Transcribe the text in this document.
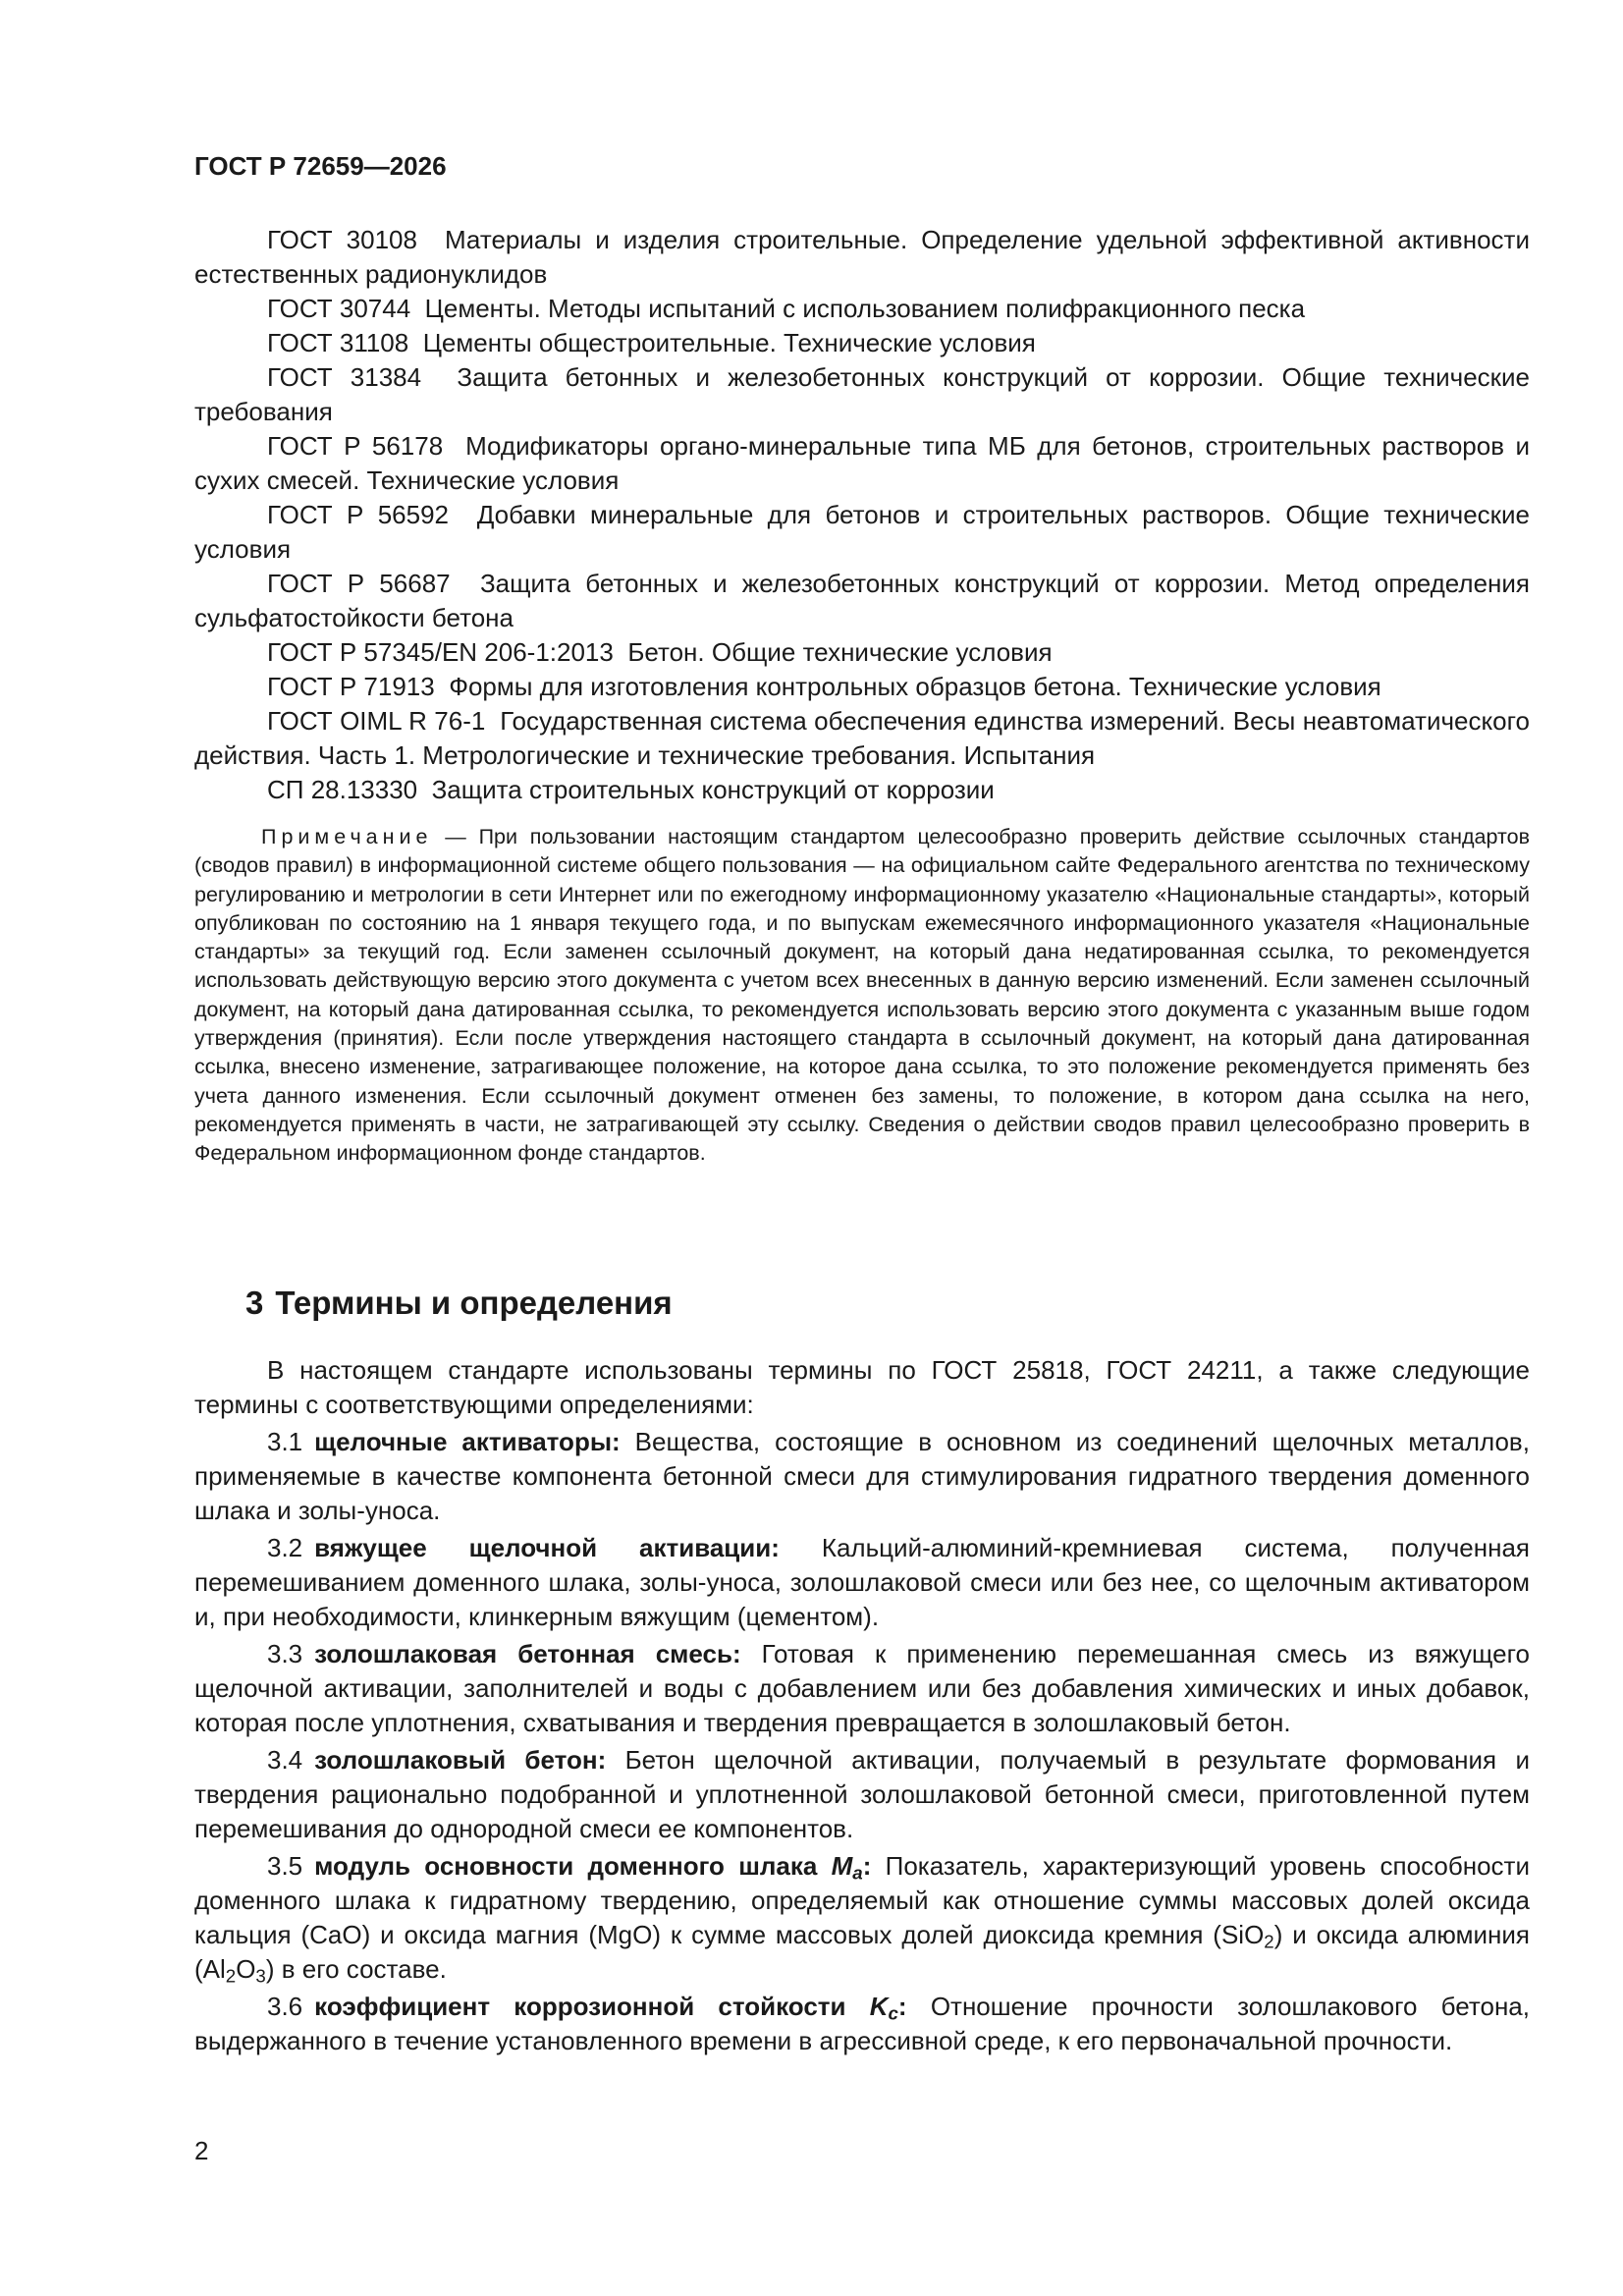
ГОСТ Р 72659—2026

ГОСТ 30108 Материалы и изделия строительные. Определение удельной эффективной активности естественных радионуклидов

ГОСТ 30744 Цементы. Методы испытаний с использованием полифракционного песка

ГОСТ 31108 Цементы общестроительные. Технические условия

ГОСТ 31384 Защита бетонных и железобетонных конструкций от коррозии. Общие технические требования

ГОСТ Р 56178 Модификаторы органо-минеральные типа МБ для бетонов, строительных растворов и сухих смесей. Технические условия

ГОСТ Р 56592 Добавки минеральные для бетонов и строительных растворов. Общие технические условия

ГОСТ Р 56687 Защита бетонных и железобетонных конструкций от коррозии. Метод определения сульфатостойкости бетона

ГОСТ Р 57345/EN 206-1:2013 Бетон. Общие технические условия

ГОСТ Р 71913 Формы для изготовления контрольных образцов бетона. Технические условия

ГОСТ OIML R 76-1 Государственная система обеспечения единства измерений. Весы неавтоматического действия. Часть 1. Метрологические и технические требования. Испытания

СП 28.13330 Защита строительных конструкций от коррозии

Примечание — При пользовании настоящим стандартом целесообразно проверить действие ссылочных стандартов (сводов правил) в информационной системе общего пользования — на официальном сайте Федерального агентства по техническому регулированию и метрологии в сети Интернет или по ежегодному информационному указателю «Национальные стандарты», который опубликован по состоянию на 1 января текущего года, и по выпускам ежемесячного информационного указателя «Национальные стандарты» за текущий год. Если заменен ссылочный документ, на который дана недатированная ссылка, то рекомендуется использовать действующую версию этого документа с учетом всех внесенных в данную версию изменений. Если заменен ссылочный документ, на который дана датированная ссылка, то рекомендуется использовать версию этого документа с указанным выше годом утверждения (принятия). Если после утверждения настоящего стандарта в ссылочный документ, на который дана датированная ссылка, внесено изменение, затрагивающее положение, на которое дана ссылка, то это положение рекомендуется применять без учета данного изменения. Если ссылочный документ отменен без замены, то положение, в котором дана ссылка на него, рекомендуется применять в части, не затрагивающей эту ссылку. Сведения о действии сводов правил целесообразно проверить в Федеральном информационном фонде стандартов.

3 Термины и определения

В настоящем стандарте использованы термины по ГОСТ 25818, ГОСТ 24211, а также следующие термины с соответствующими определениями:

3.1 щелочные активаторы: Вещества, состоящие в основном из соединений щелочных металлов, применяемые в качестве компонента бетонной смеси для стимулирования гидратного твердения доменного шлака и золы-уноса.

3.2 вяжущее щелочной активации: Кальций-алюминий-кремниевая система, полученная перемешиванием доменного шлака, золы-уноса, золошлаковой смеси или без нее, со щелочным активатором и, при необходимости, клинкерным вяжущим (цементом).

3.3 золошлаковая бетонная смесь: Готовая к применению перемешанная смесь из вяжущего щелочной активации, заполнителей и воды с добавлением или без добавления химических и иных добавок, которая после уплотнения, схватывания и твердения превращается в золошлаковый бетон.

3.4 золошлаковый бетон: Бетон щелочной активации, получаемый в результате формования и твердения рационально подобранной и уплотненной золошлаковой бетонной смеси, приготовленной путем перемешивания до однородной смеси ее компонентов.

3.5 модуль основности доменного шлака $M_a$: Показатель, характеризующий уровень способности доменного шлака к гидратному твердению, определяемый как отношение суммы массовых долей оксида кальция (CaO) и оксида магния (MgO) к сумме массовых долей диоксида кремния (SiO$_2$) и оксида алюминия $(Al_2O_3)$ в его составе.

3.6 коэффициент коррозионной стойкости $K_c$: Отношение прочности золошлакового бетона, выдержанного в течение установленного времени в агрессивной среде, к его первоначальной прочности.

2
